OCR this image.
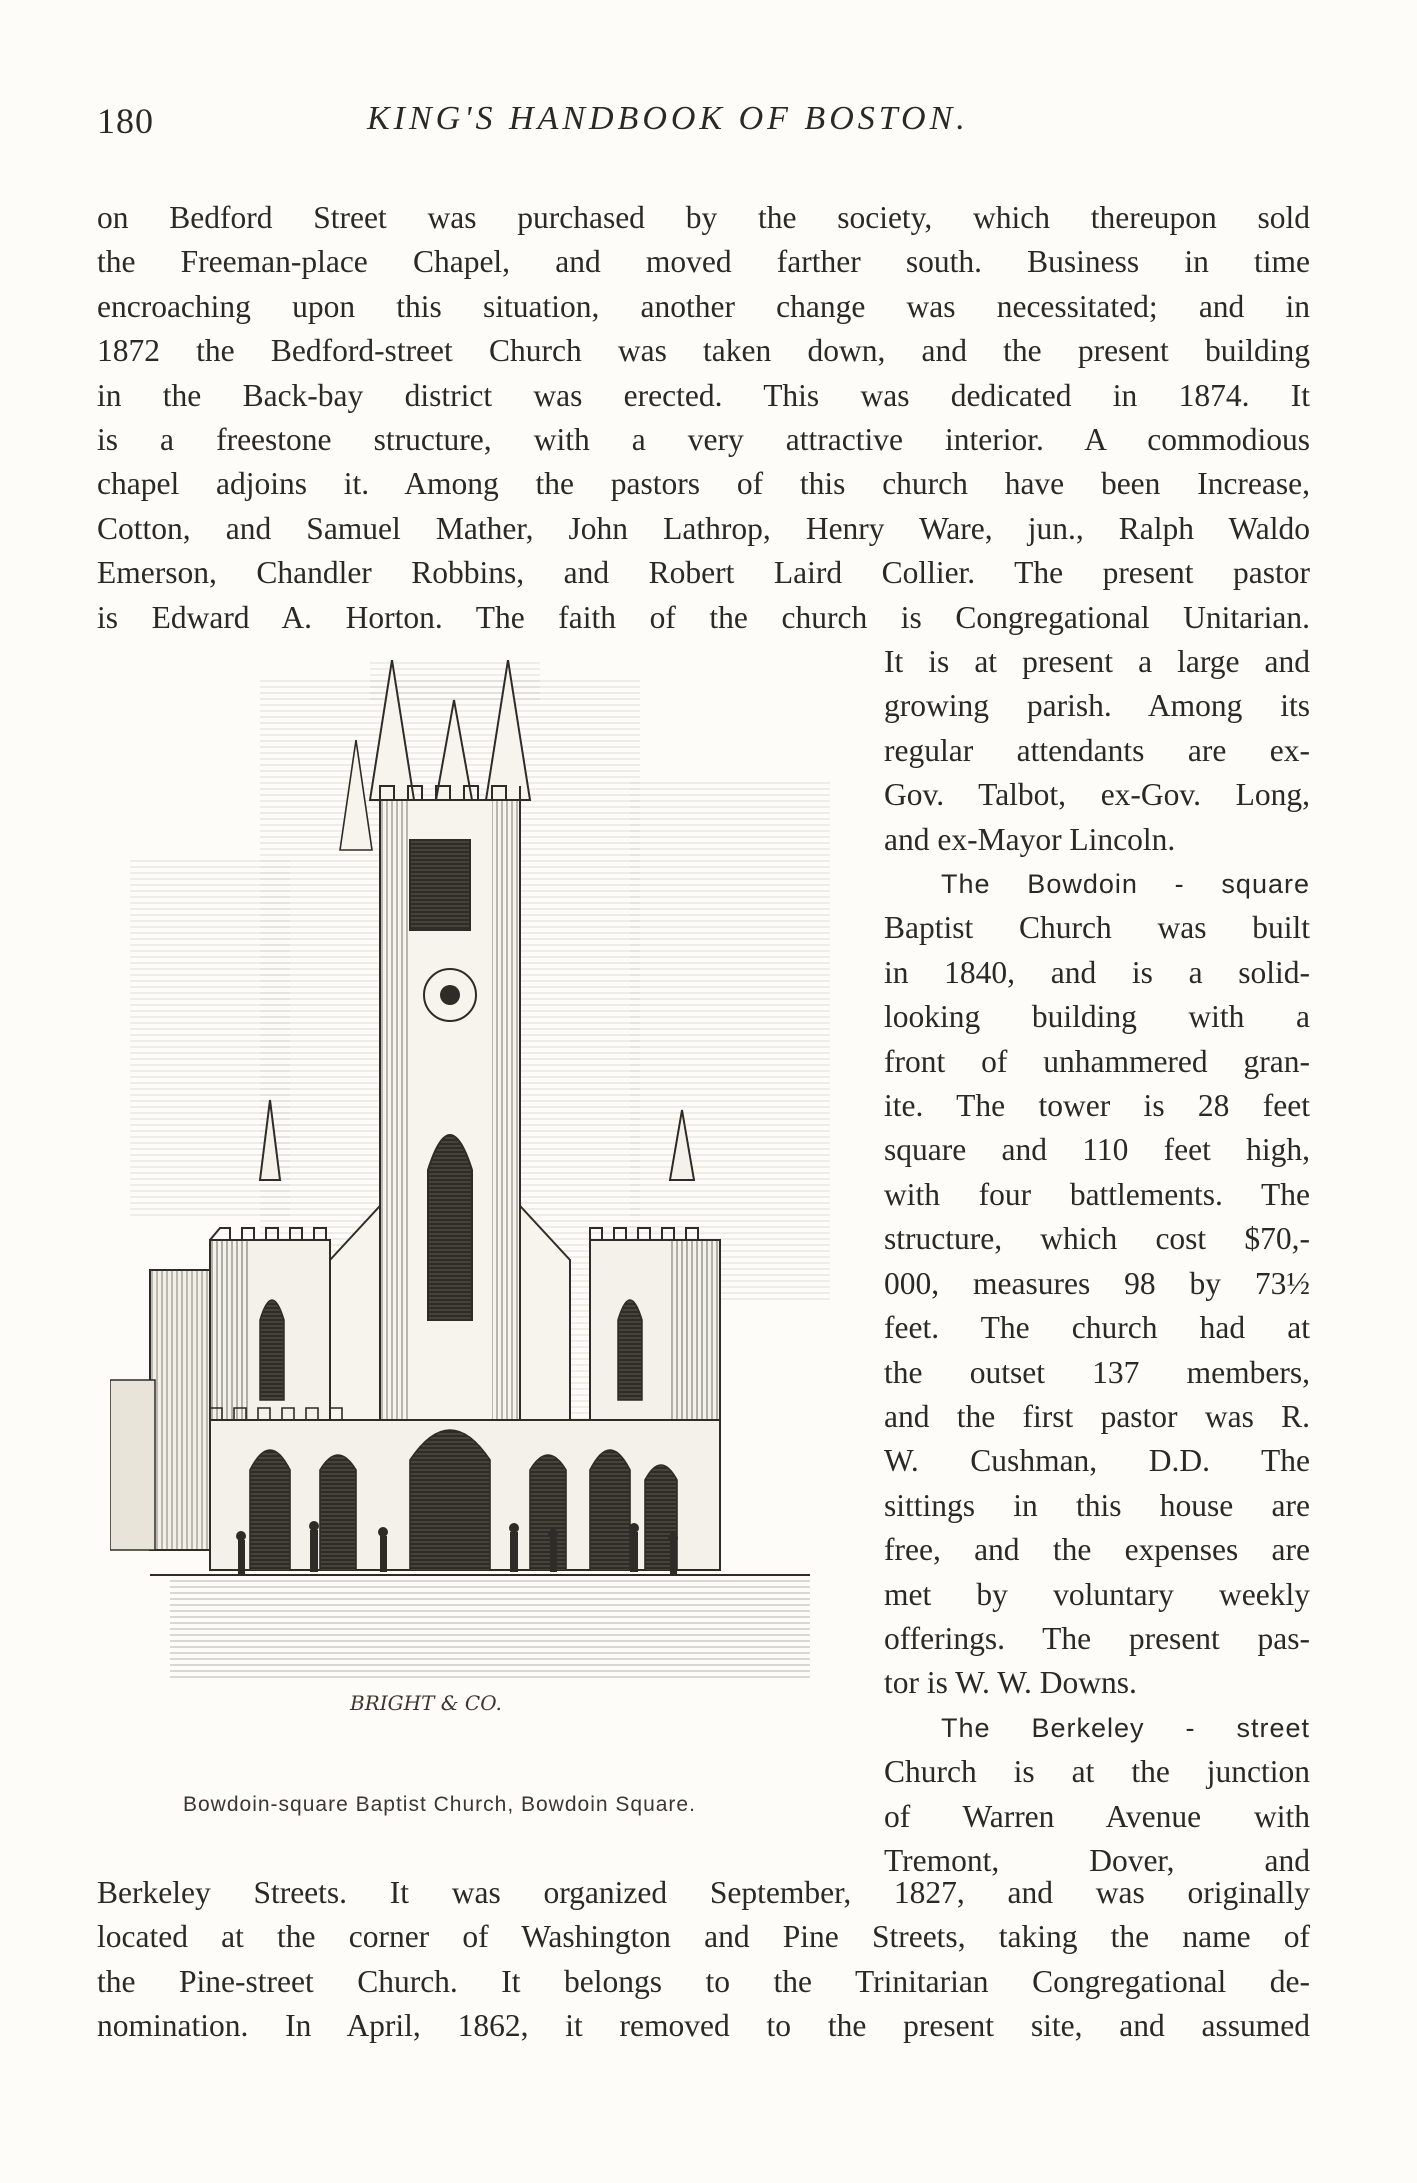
180	KING'S HANDBOOK OF BOSTON.
on Bedford Street was purchased by the society, which thereupon sold
the Freeman-place Chapel, and moved farther south. Business in time
encroaching upon this situation, another change was necessitated; and in
1872 the Bedford-street Church was taken down, and the present building
in the Back-bay district was erected. This was dedicated in 1874. It
is a freestone structure, with a very attractive interior. A commodious
chapel adjoins it. Among the pastors of this church have been Increase,
Cotton, and Samuel Mather, John Lathrop, Henry Ware, jun., Ralph Waldo
Emerson, Chandler Robbins, and Robert Laird Collier. The present pastor
is Edward A. Horton. The faith of the church is Congregational Unitarian.
It is at present a large and
growing parish. Among its
regular attendants are ex-
Gov. Talbot, ex-Gov. Long,
and ex-Mayor Lincoln.
The Bowdoin - square
Baptist Church was built
in 1840, and is a solid-
looking building with a
front of unhammered gran-
ite. The tower is 28 feet
square and 110 feet high,
with four battlements. The
structure, which cost $70,-
000, measures 98 by 73½
feet. The church had at
the outset 137 members,
and the first pastor was R.
W. Cushman, D.D. The
sittings in this house are
free, and the expenses are
met by voluntary weekly
offerings. The present pas-
tor is W. W. Downs.
The Berkeley - street
Church is at the junction
of Warren Avenue with
Tremont, Dover, and
BRIGHT & CO.
Bowdoin-square Baptist Church, Bowdoin Square.
Berkeley Streets. It was organized September, 1827, and was originally
located at the corner of Washington and Pine Streets, taking the name of
the Pine-street Church. It belongs to the Trinitarian Congregational de-
nomination. In April, 1862, it removed to the present site, and assumed
